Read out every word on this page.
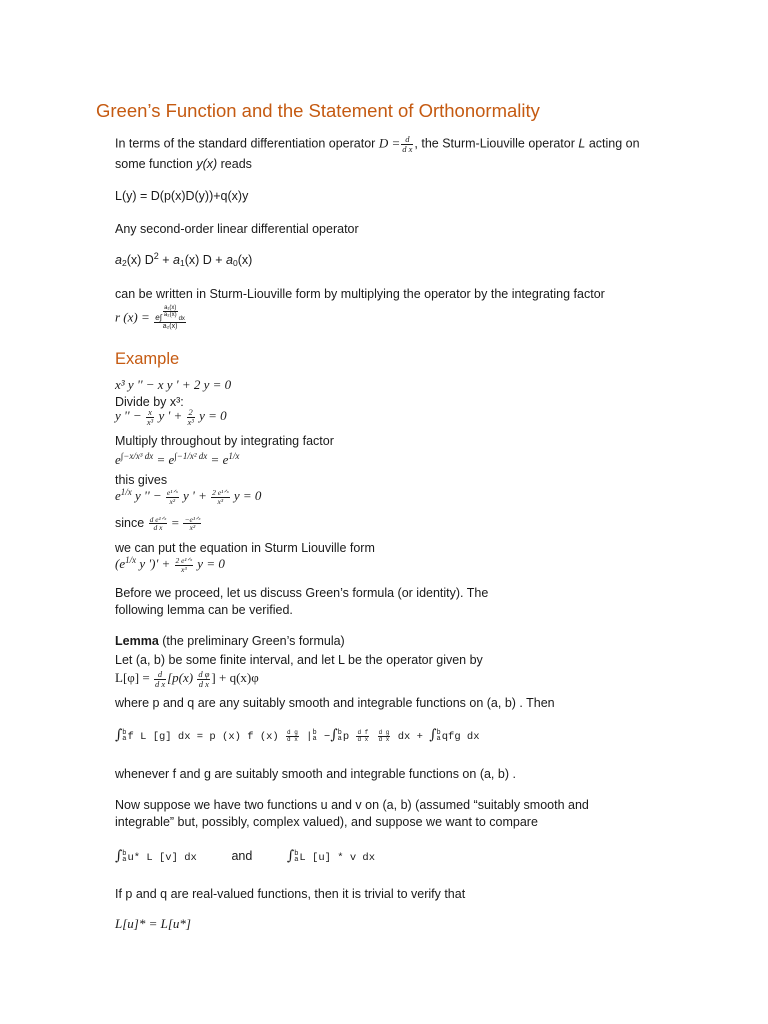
Green’s Function and the Statement of Orthonormality
In terms of the standard differentiation operator $D = \frac{d}{\text{d x}}$ , the Sturm-Liouville operator L acting on
some function y(x) reads
L(y) = D(p(x)D(y))+q(x)y
Any second-order linear differential operator
$a_2(x) D^2 + a_1(x) D + a_0(x)$
can be written in Sturm-Liouville form by multiplying the operator by the integrating factor
r $(x) = e\int \frac{\text{a₁(x)}}{\text{a₂(x)}}$
dx
a₂(x)
Example
x³ y '' − x y ' + 2 y = 0
Divide by x³:
y '' − $\frac{x}{\text{x³}}$ y ' + $\frac{2}{\text{x³}}$ y = 0
Multiply throughout by integrating factor
$e^{\int-x/x^3 dx} = e^{\int-1/x^2 dx} = e^{1/x}$
this gives
$e^{1/x}$ y '' − e¹ᐟˣ
x² y ' + 2 e¹ᐟˣ
x³ y = 0
since d e¹ᐟˣ
d x = −e¹ᐟˣ
x²
we can put the equation in Sturm Liouville form
($e^{1/x}$ y ')' + 2 e¹ᐟˣ
x³ y = 0
Before we proceed, let us discuss Green’s formula (or identity). The
following lemma can be verified.
Lemma (the preliminary Green’s formula)
Let (a, b) be some finite interval, and let L be the operator given by
$L[\varphi] = \frac{d}{\text{d x}} [p(x) \frac{\text{d φ}}{\text{d x}}$ ] + q(x)φ
where p and q are any suitably smooth and integrable functions on (a, b) . Then
∫ b
a f L [g] dx = p (x) f $(x) \frac{\text{d g}}{\text{d x}}$ | b
a −∫ b
a p $\frac{\text{d f}}{\text{d x}}$
$\frac{\text{d g}}{\text{d x}}$ dx + ∫ b
a qfg dx
whenever f and g are suitably smooth and integrable functions on (a, b) .
Now suppose we have two functions u and v on (a, b) (assumed “suitably smooth and
integrable” but, possibly, complex valued), and suppose we want to compare
∫ b
a u* L [v] dx	and ∫ b
a L [u] * v dx
If p and q are real-valued functions, then it is trivial to verify that
L[u]* = L[u*]
